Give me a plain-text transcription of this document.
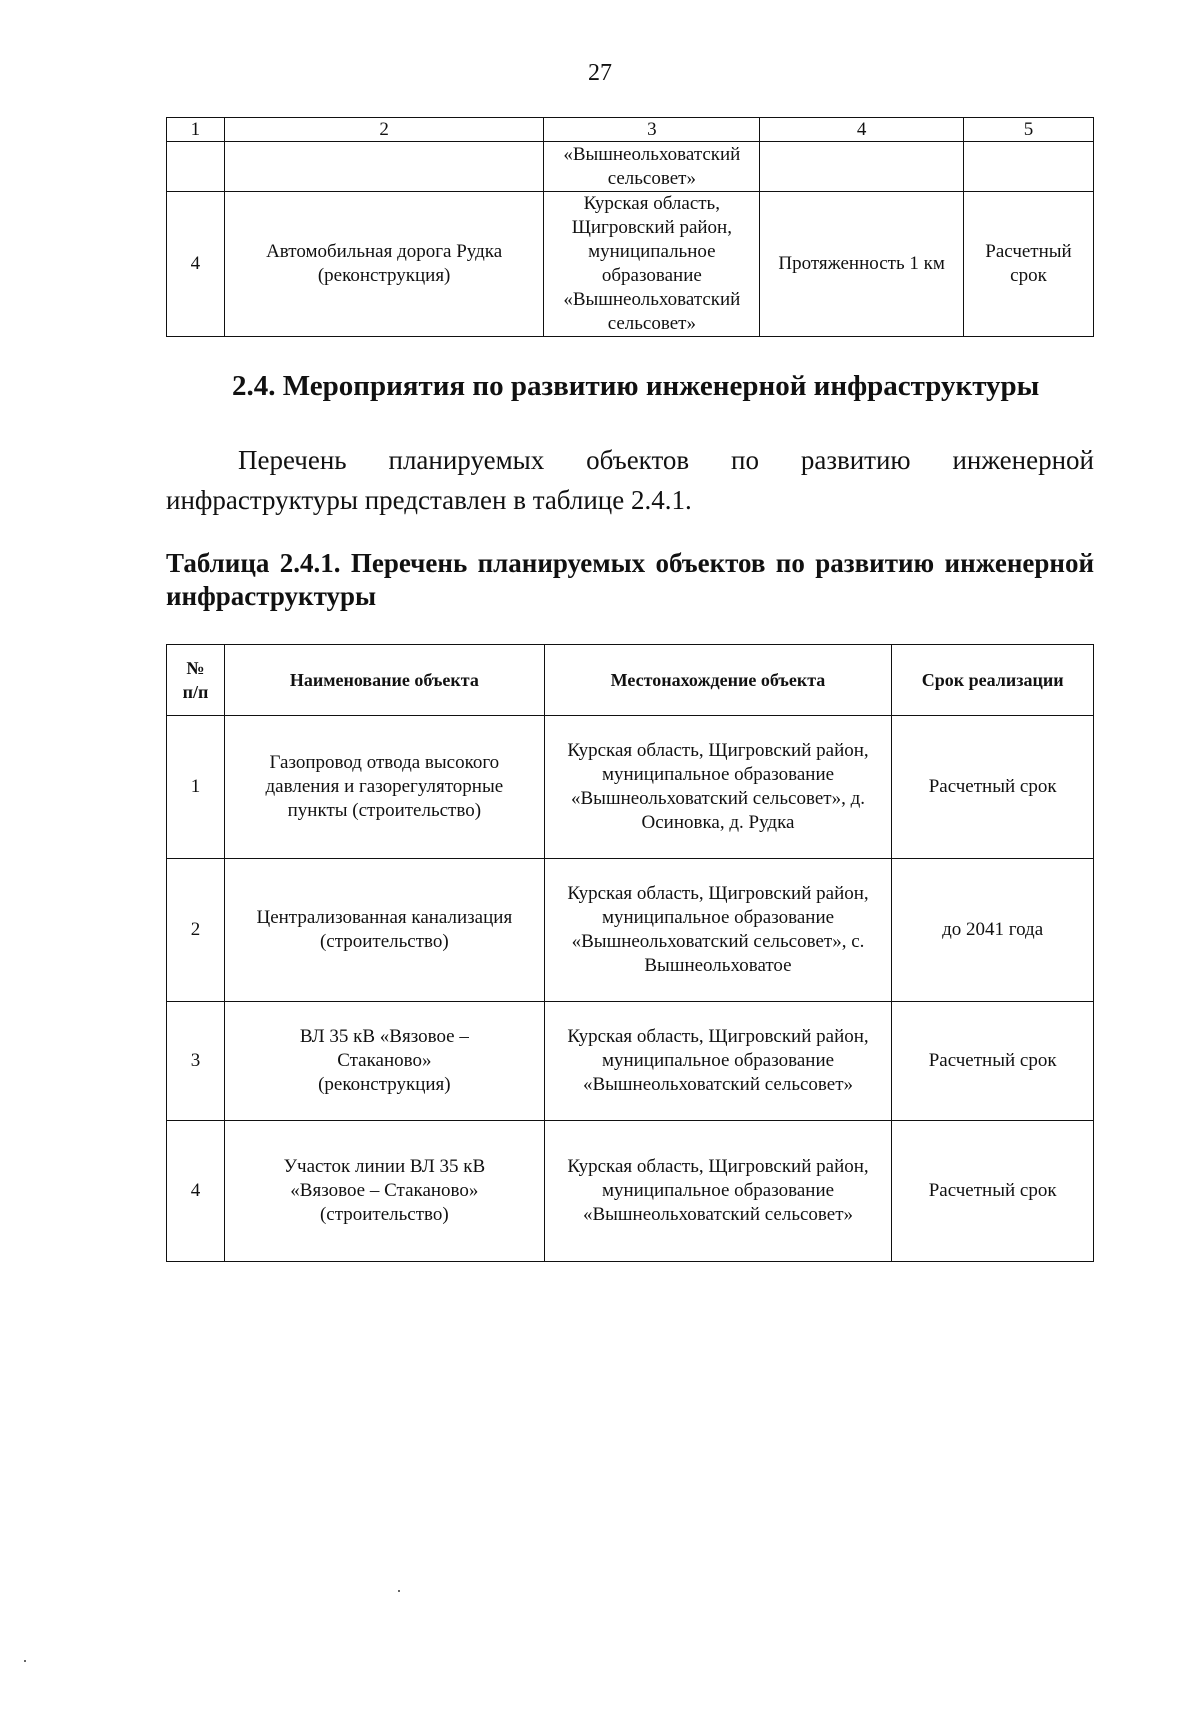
27
1	2	3	4	5
		«Вышнеольховатский сельсовет»		
4	Автомобильная дорога Рудка (реконструкция)	Курская область, Щигровский район, муниципальное образование «Вышнеольховатский сельсовет»	Протяженность 1 км	Расчетный срок
2.4. Мероприятия по развитию инженерной инфраструктуры

Перечень планируемых объектов по развитию инженерной инфраструктуры представлен в таблице 2.4.1.

Таблица 2.4.1. Перечень планируемых объектов по развитию инженерной инфраструктуры

№ п/п	Наименование объекта	Местонахождение объекта	Срок реализации
1	Газопровод отвода высокого давления и газорегуляторные пункты (строительство)	Курская область, Щигровский район, муниципальное образование «Вышнеольховатский сельсовет», д. Осиновка, д. Рудка	Расчетный срок
2	Централизованная канализация (строительство)	Курская область, Щигровский район, муниципальное образование «Вышнеольховатский сельсовет», с. Вышнеольховатое	до 2041 года
3	ВЛ 35 кВ «Вязовое – Стаканово» (реконструкция)	Курская область, Щигровский район, муниципальное образование «Вышнеольховатский сельсовет»	Расчетный срок
4	Участок линии ВЛ 35 кВ «Вязовое – Стаканово» (строительство)	Курская область, Щигровский район, муниципальное образование «Вышнеольховатский сельсовет»	Расчетный срок
